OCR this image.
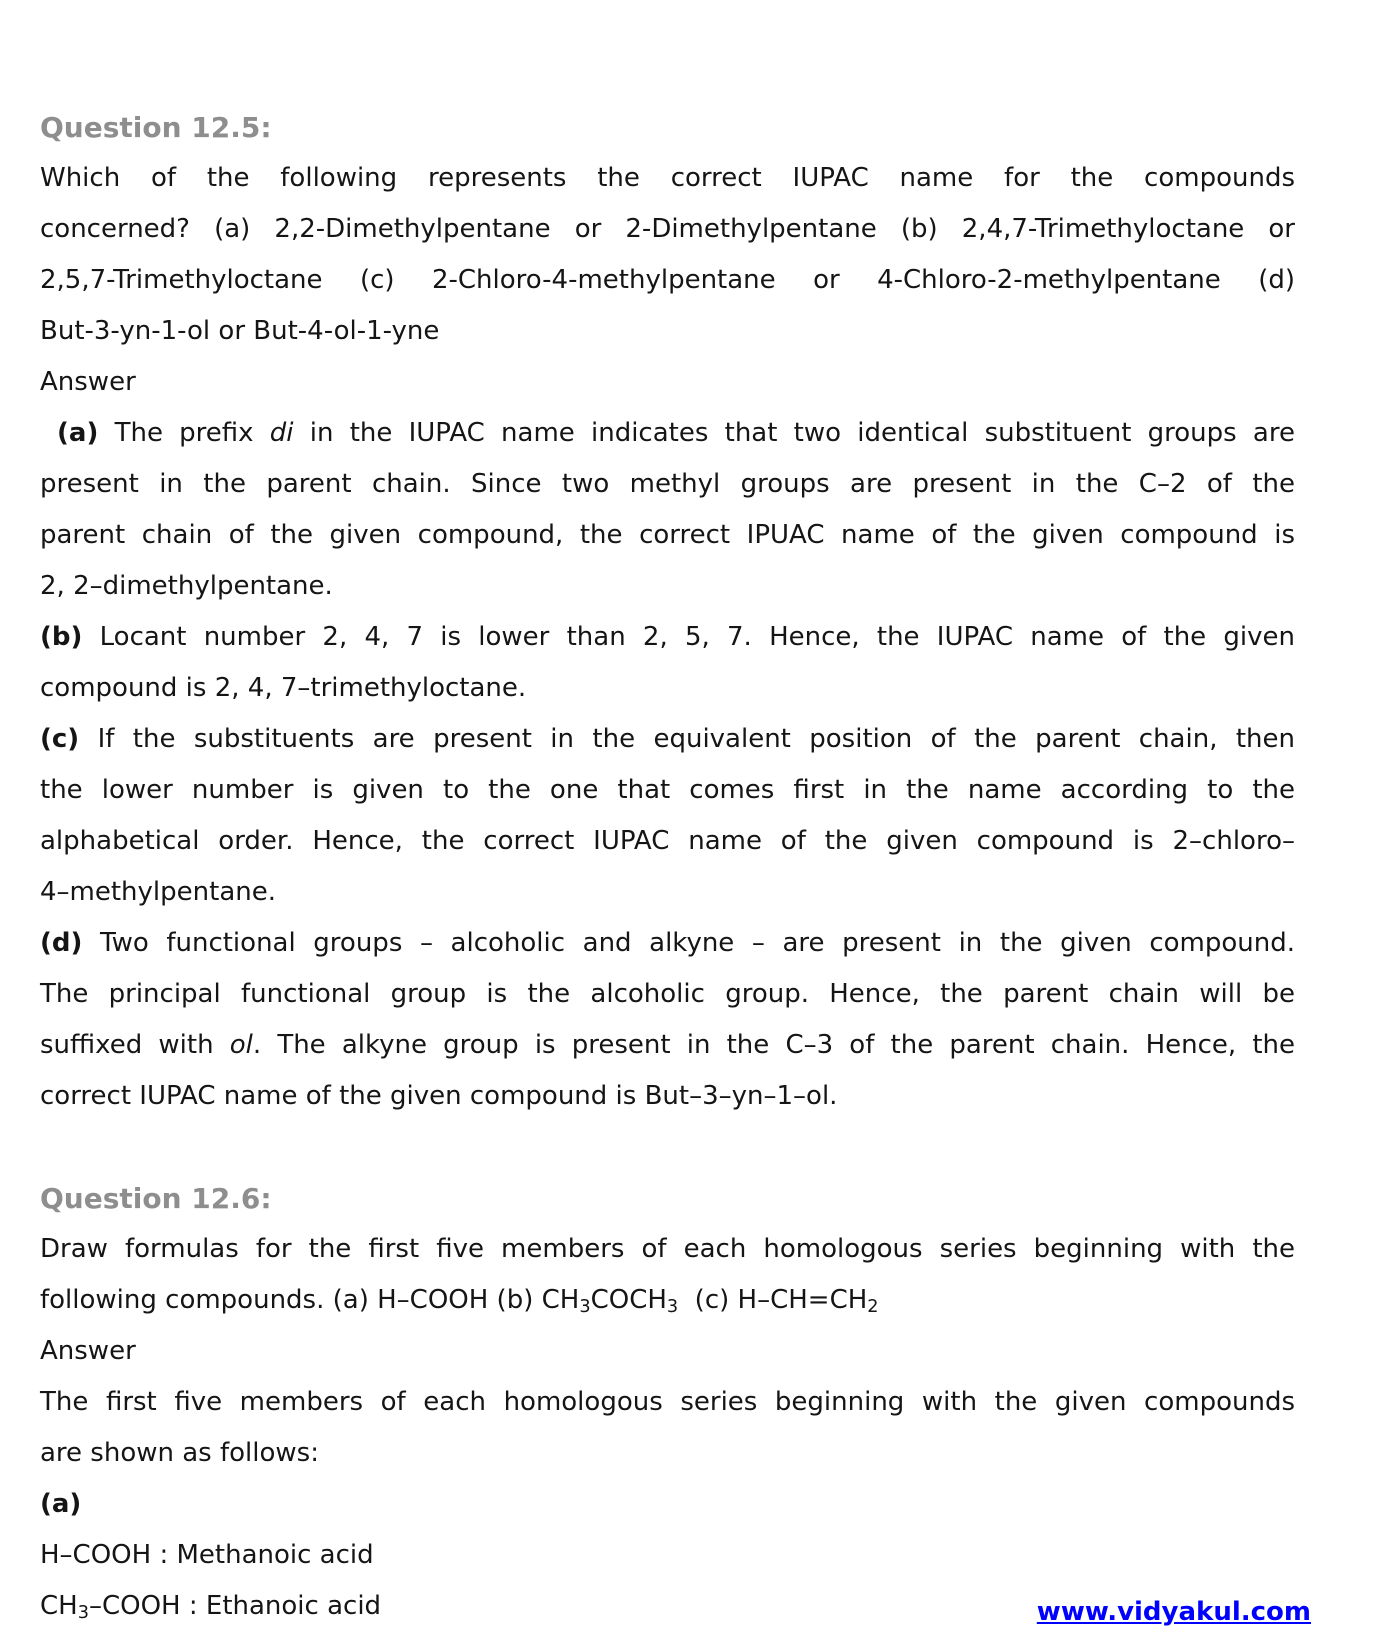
Question 12.5:
Which of the following represents the correct IUPAC name for the compounds
concerned? (a) 2,2-Dimethylpentane or 2-Dimethylpentane (b) 2,4,7-Trimethyloctane or
2,5,7-Trimethyloctane (c) 2-Chloro-4-methylpentane or 4-Chloro-2-methylpentane (d)
But-3-yn-1-ol or But-4-ol-1-yne
Answer
(a) The prefix di in the IUPAC name indicates that two identical substituent groups are
present in the parent chain. Since two methyl groups are present in the C–2 of the
parent chain of the given compound, the correct IPUAC name of the given compound is
2, 2–dimethylpentane.
(b) Locant number 2, 4, 7 is lower than 2, 5, 7. Hence, the IUPAC name of the given
compound is 2, 4, 7–trimethyloctane.
(c) If the substituents are present in the equivalent position of the parent chain, then
the lower number is given to the one that comes first in the name according to the
alphabetical order. Hence, the correct IUPAC name of the given compound is 2–chloro–
4–methylpentane.
(d) Two functional groups – alcoholic and alkyne – are present in the given compound.
The principal functional group is the alcoholic group. Hence, the parent chain will be
suffixed with ol. The alkyne group is present in the C–3 of the parent chain. Hence, the
correct IUPAC name of the given compound is But–3–yn–1–ol.
Question 12.6:
Draw formulas for the first five members of each homologous series beginning with the
following compounds. (a) H–COOH (b) CH3COCH3  (c) H–CH=CH2
Answer
The first five members of each homologous series beginning with the given compounds
are shown as follows:
(a)
H–COOH : Methanoic acid
CH3–COOH : Ethanoic acid	www.vidyakul.com
